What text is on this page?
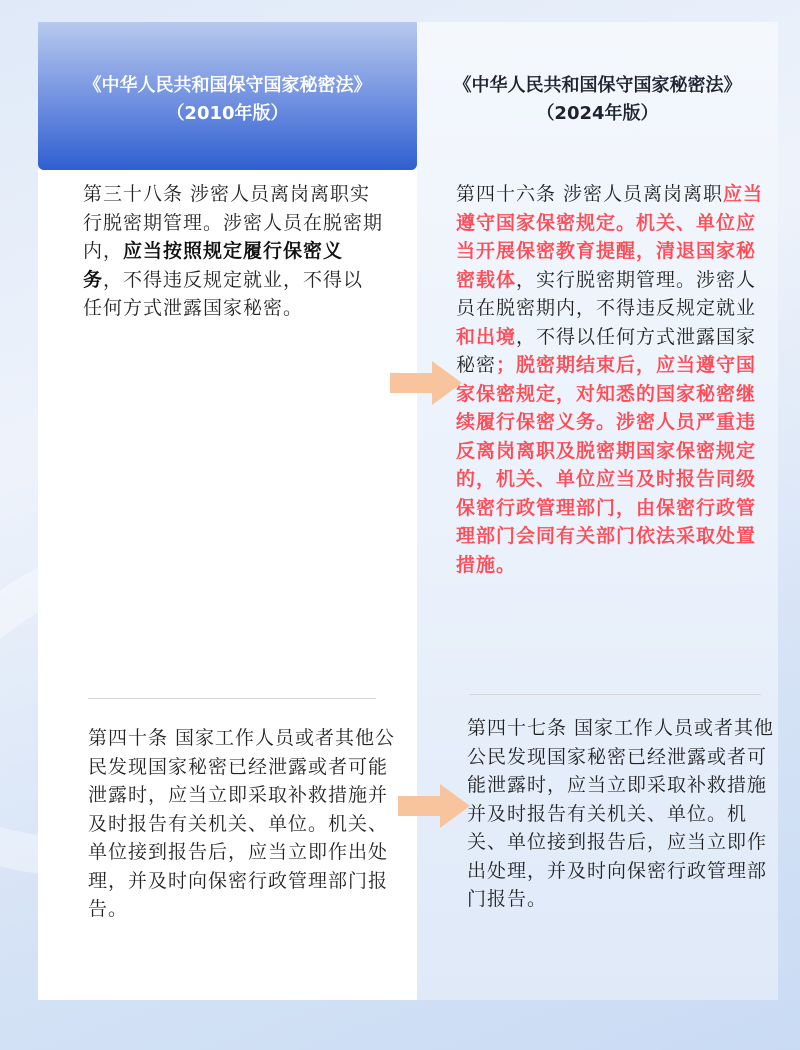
《中华人民共和国保守国家秘密法》
（2010年版）
《中华人民共和国保守国家秘密法》
（2024年版）
第三十八条 涉密人员离岗离职实行脱密期管理。涉密人员在脱密期内，应当按照规定履行保密义务，不得违反规定就业，不得以任何方式泄露国家秘密。
第四十六条 涉密人员离岗离职应当遵守国家保密规定。机关、单位应当开展保密教育提醒，清退国家秘密载体，实行脱密期管理。涉密人员在脱密期内，不得违反规定就业和出境，不得以任何方式泄露国家秘密；脱密期结束后，应当遵守国家保密规定，对知悉的国家秘密继续履行保密义务。涉密人员严重违反离岗离职及脱密期国家保密规定的，机关、单位应当及时报告同级保密行政管理部门，由保密行政管理部门会同有关部门依法采取处置措施。
第四十条 国家工作人员或者其他公民发现国家秘密已经泄露或者可能泄露时，应当立即采取补救措施并及时报告有关机关、单位。机关、单位接到报告后，应当立即作出处理，并及时向保密行政管理部门报告。
第四十七条 国家工作人员或者其他公民发现国家秘密已经泄露或者可能泄露时，应当立即采取补救措施并及时报告有关机关、单位。机关、单位接到报告后，应当立即作出处理，并及时向保密行政管理部门报告。
